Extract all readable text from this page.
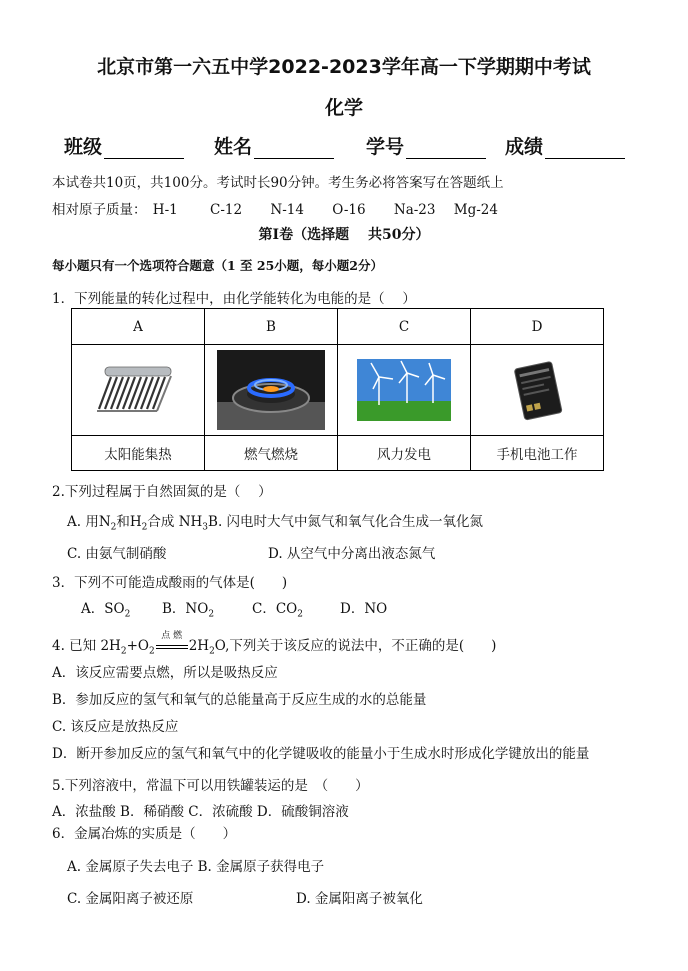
北京市第一六五中学2022-2023学年高一下学期期中考试
化学
班级	姓名	学号	成绩
本试卷共10页，共100分。考试时长90分钟。考生务必将答案写在答题纸上
相对原子质量： H-1 C-12 N-14 O-16 Na-23 Mg-24
第Ⅰ卷（选择题　 共50分）
每小题只有一个选项符合题意（1 至 25小题，每小题2分）
1．下列能量的转化过程中，由化学能转化为电能的是（　 ）
A	B	C	D

太阳能集热	燃气燃烧	风力发电	手机电池工作
2.下列过程属于自然固氮的是（　 ）
A. 用$N_2$和$H_2$合成 $NH_3B$. 闪电时大气中氮气和氧气化合生成一氧化氮
C. 由氨气制硝酸	D. 从空气中分离出液态氮气
3．下列不可能造成酸雨的气体是(　　)
A．$SO_2$ B．$NO_2$	C．$CO_2$	D．NO
4. 已知 $2H_2+O_2$
点 燃
$2H_2O$,下列关于该反应的说法中，不正确的是(　　)
A．该反应需要点燃，所以是吸热反应
B．参加反应的氢气和氧气的总能量高于反应生成的水的总能量
C. 该反应是放热反应
D．断开参加反应的氢气和氧气中的化学键吸收的能量小于生成水时形成化学键放出的能量
5.下列溶液中，常温下可以用铁罐装运的是　（　　）
A．浓盐酸 B．稀硝酸 C．浓硫酸 D．硫酸铜溶液
6．金属冶炼的实质是（　　）
A. 金属原子失去电子 B. 金属原子获得电子
C. 金属阳离子被还原	D. 金属阳离子被氧化
